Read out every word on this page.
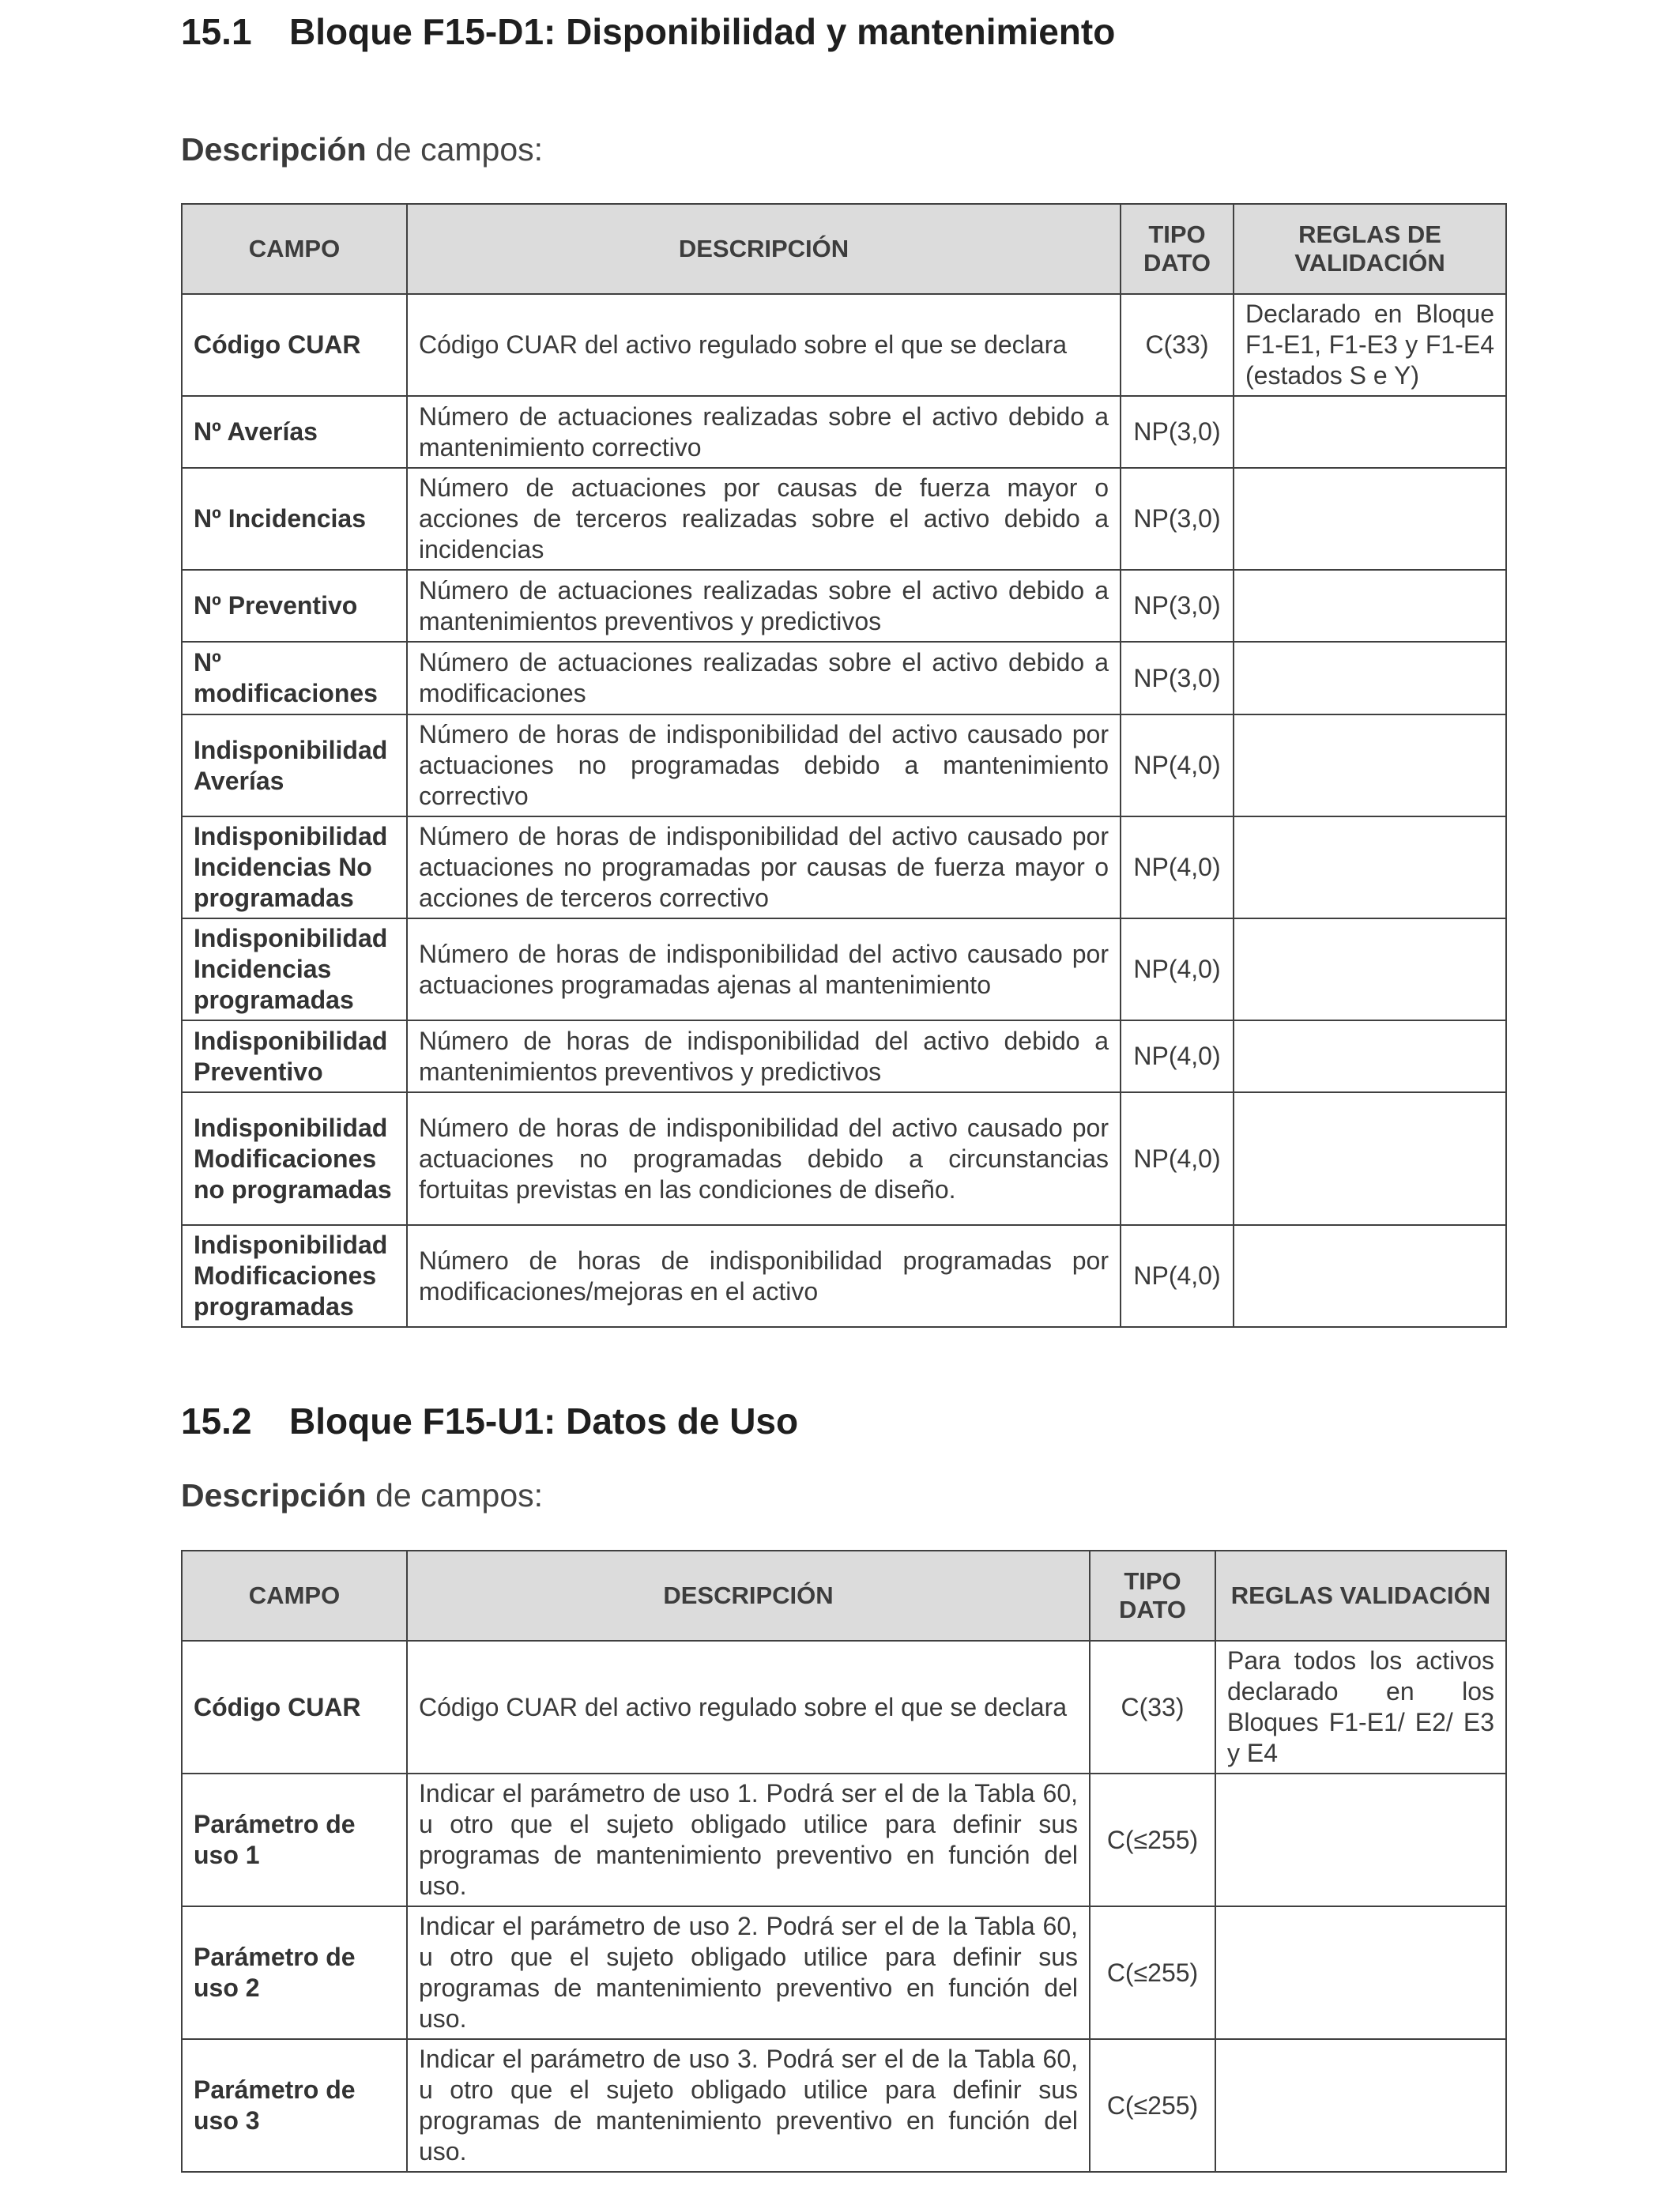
15.1 Bloque F15-D1: Disponibilidad y mantenimiento
Descripción de campos:
CAMPO	DESCRIPCIÓN	TIPO DATO	REGLAS DE VALIDACIÓN
Código CUAR	Código CUAR del activo regulado sobre el que se declara	C(33)	Declarado en Bloque F1-E1, F1-E3 y F1-E4 (estados S e Y)
Nº Averías	Número de actuaciones realizadas sobre el activo debido a mantenimiento correctivo	NP(3,0)	
Nº Incidencias	Número de actuaciones por causas de fuerza mayor o acciones de terceros realizadas sobre el activo debido a incidencias	NP(3,0)	
Nº Preventivo	Número de actuaciones realizadas sobre el activo debido a mantenimientos preventivos y predictivos	NP(3,0)	
Nº modificaciones	Número de actuaciones realizadas sobre el activo debido a modificaciones	NP(3,0)	
Indisponibilidad Averías	Número de horas de indisponibilidad del activo causado por actuaciones no programadas debido a mantenimiento correctivo	NP(4,0)	
Indisponibilidad Incidencias No programadas	Número de horas de indisponibilidad del activo causado por actuaciones no programadas por causas de fuerza mayor o acciones de terceros correctivo	NP(4,0)	
Indisponibilidad Incidencias programadas	Número de horas de indisponibilidad del activo causado por actuaciones programadas ajenas al mantenimiento	NP(4,0)	
Indisponibilidad Preventivo	Número de horas de indisponibilidad del activo debido a mantenimientos preventivos y predictivos	NP(4,0)	
Indisponibilidad Modificaciones no programadas	Número de horas de indisponibilidad del activo causado por actuaciones no programadas debido a circunstancias fortuitas previstas en las condiciones de diseño.	NP(4,0)	
Indisponibilidad Modificaciones programadas	Número de horas de indisponibilidad programadas por modificaciones/mejoras en el activo	NP(4,0)	
15.2 Bloque F15-U1: Datos de Uso
Descripción de campos:
CAMPO	DESCRIPCIÓN	TIPO DATO	REGLAS VALIDACIÓN
Código CUAR	Código CUAR del activo regulado sobre el que se declara	C(33)	Para todos los activos declarado en los Bloques F1-E1/ E2/ E3 y E4
Parámetro de uso 1	Indicar el parámetro de uso 1. Podrá ser el de la Tabla 60, u otro que el sujeto obligado utilice para definir sus programas de mantenimiento preventivo en función del uso.	C(≤255)	
Parámetro de uso 2	Indicar el parámetro de uso 2. Podrá ser el de la Tabla 60, u otro que el sujeto obligado utilice para definir sus programas de mantenimiento preventivo en función del uso.	C(≤255)	
Parámetro de uso 3	Indicar el parámetro de uso 3. Podrá ser el de la Tabla 60, u otro que el sujeto obligado utilice para definir sus programas de mantenimiento preventivo en función del uso.	C(≤255)	
